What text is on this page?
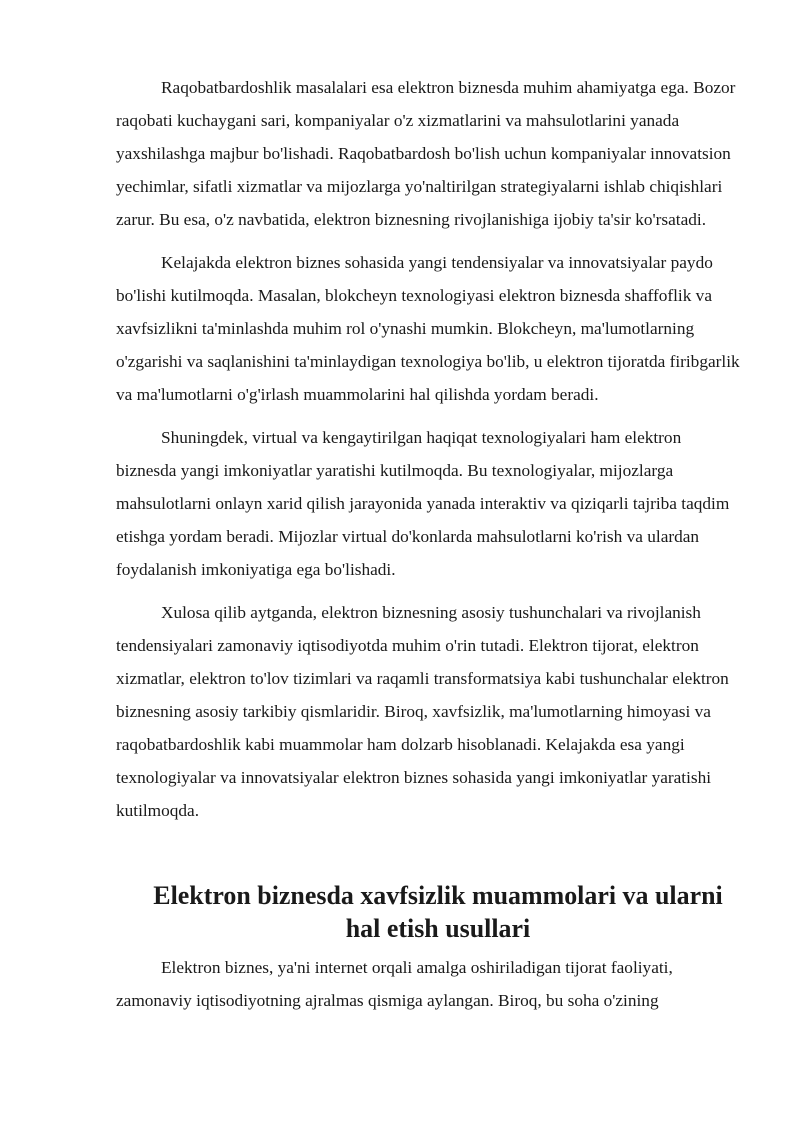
Raqobatbardoshlik masalalari esa elektron biznesda muhim ahamiyatga ega. Bozor raqobati kuchaygani sari, kompaniyalar o'z xizmatlarini va mahsulotlarini yanada yaxshilashga majbur bo'lishadi. Raqobatbardosh bo'lish uchun kompaniyalar innovatsion yechimlar, sifatli xizmatlar va mijozlarga yo'naltirilgan strategiyalarni ishlab chiqishlari zarur. Bu esa, o'z navbatida, elektron biznesning rivojlanishiga ijobiy ta'sir ko'rsatadi.

Kelajakda elektron biznes sohasida yangi tendensiyalar va innovatsiyalar paydo bo'lishi kutilmoqda. Masalan, blokcheyn texnologiyasi elektron biznesda shaffoflik va xavfsizlikni ta'minlashda muhim rol o'ynashi mumkin. Blokcheyn, ma'lumotlarning o'zgarishi va saqlanishini ta'minlaydigan texnologiya bo'lib, u elektron tijoratda firibgarlik va ma'lumotlarni o'g'irlash muammolarini hal qilishda yordam beradi.

Shuningdek, virtual va kengaytirilgan haqiqat texnologiyalari ham elektron biznesda yangi imkoniyatlar yaratishi kutilmoqda. Bu texnologiyalar, mijozlarga mahsulotlarni onlayn xarid qilish jarayonida yanada interaktiv va qiziqarli tajriba taqdim etishga yordam beradi. Mijozlar virtual do'konlarda mahsulotlarni ko'rish va ulardan foydalanish imkoniyatiga ega bo'lishadi.

Xulosa qilib aytganda, elektron biznesning asosiy tushunchalari va rivojlanish tendensiyalari zamonaviy iqtisodiyotda muhim o'rin tutadi. Elektron tijorat, elektron xizmatlar, elektron to'lov tizimlari va raqamli transformatsiya kabi tushunchalar elektron biznesning asosiy tarkibiy qismlaridir. Biroq, xavfsizlik, ma'lumotlarning himoyasi va raqobatbardoshlik kabi muammolar ham dolzarb hisoblanadi. Kelajakda esa yangi texnologiyalar va innovatsiyalar elektron biznes sohasida yangi imkoniyatlar yaratishi kutilmoqda.

Elektron biznesda xavfsizlik muammolari va ularni hal etish usullari

Elektron biznes, ya'ni internet orqali amalga oshiriladigan tijorat faoliyati, zamonaviy iqtisodiyotning ajralmas qismiga aylangan. Biroq, bu soha o'zining
